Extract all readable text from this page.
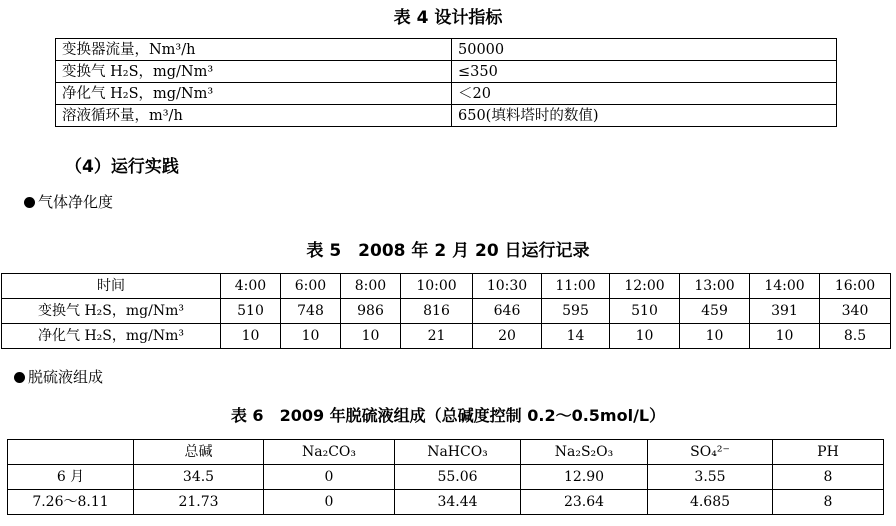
表 4 设计指标
变换器流量，Nm³/h	50000
变换气 H₂S，mg/Nm³	≤350
净化气 H₂S，mg/Nm³	＜20
溶液循环量，m³/h	650(填料塔时的数值)
（4）运行实践
气体净化度
表 5　2008 年 2 月 20 日运行记录
时间	4:00	6:00	8:00	10:00	10:30	11:00	12:00	13:00	14:00	16:00
变换气 H₂S，mg/Nm³	510	748	986	816	646	595	510	459	391	340
净化气 H₂S，mg/Nm³	10	10	10	21	20	14	10	10	10	8.5
脱硫液组成
表 6　2009 年脱硫液组成（总碱度控制 0.2～0.5mol/L）
	总碱	Na₂CO₃	NaHCO₃	Na₂S₂O₃	SO₄²⁻	PH
6 月	34.5	0	55.06	12.90	3.55	8
7.26～8.11	21.73	0	34.44	23.64	4.685	8
